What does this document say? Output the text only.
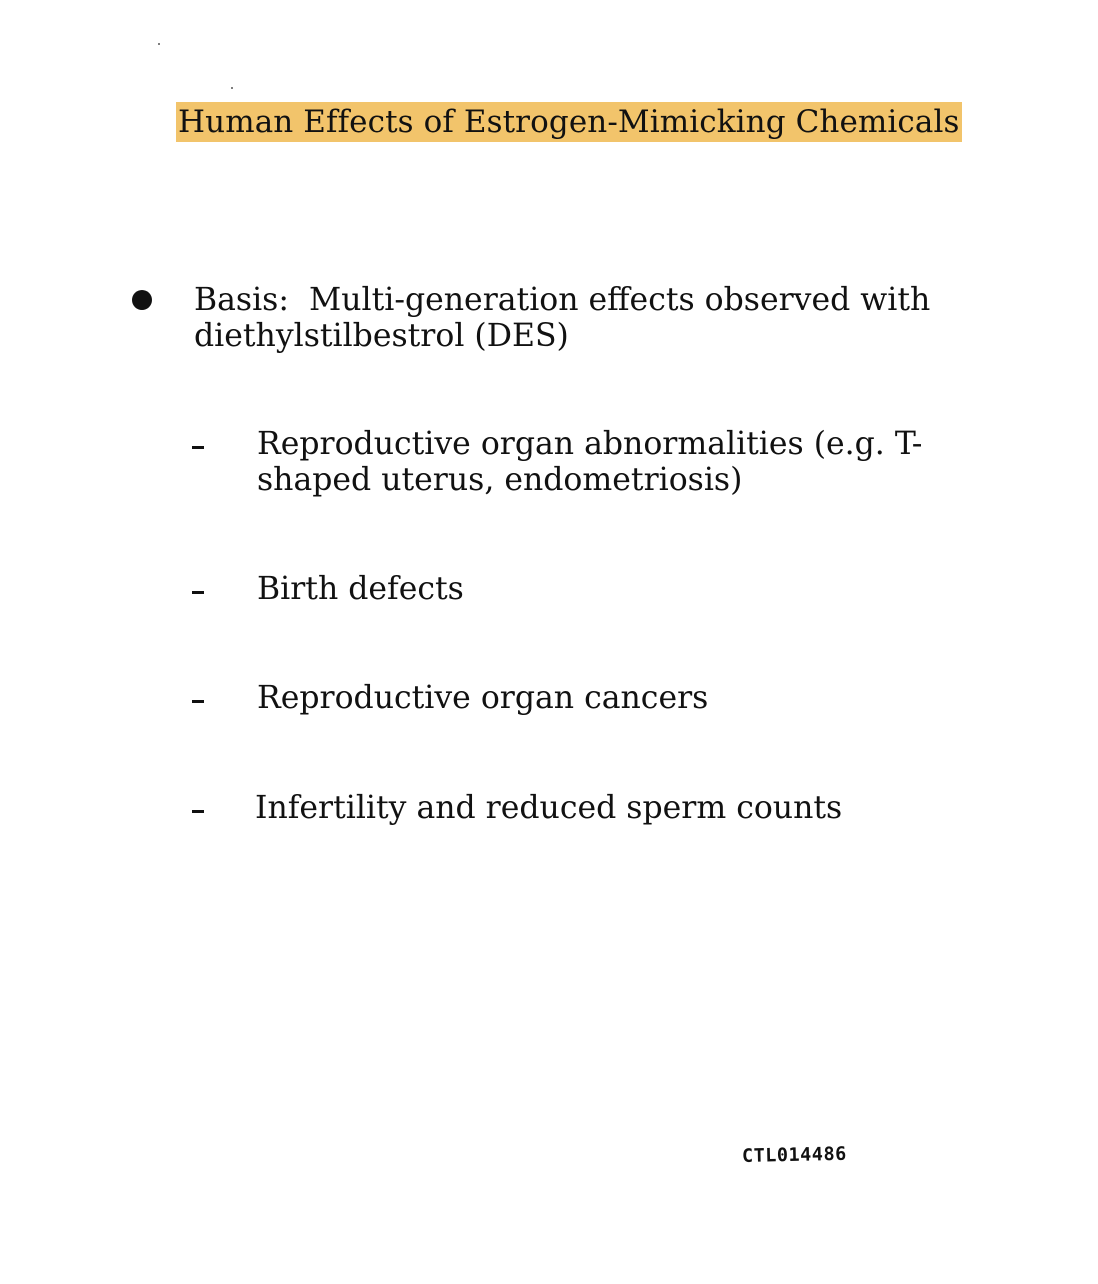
Human Effects of Estrogen-Mimicking Chemicals
Basis:  Multi-generation effects observed with
diethylstilbestrol (DES)
Reproductive organ abnormalities (e.g. T-
shaped uterus, endometriosis)
Birth defects
Reproductive organ cancers
Infertility and reduced sperm counts
CTL014486
